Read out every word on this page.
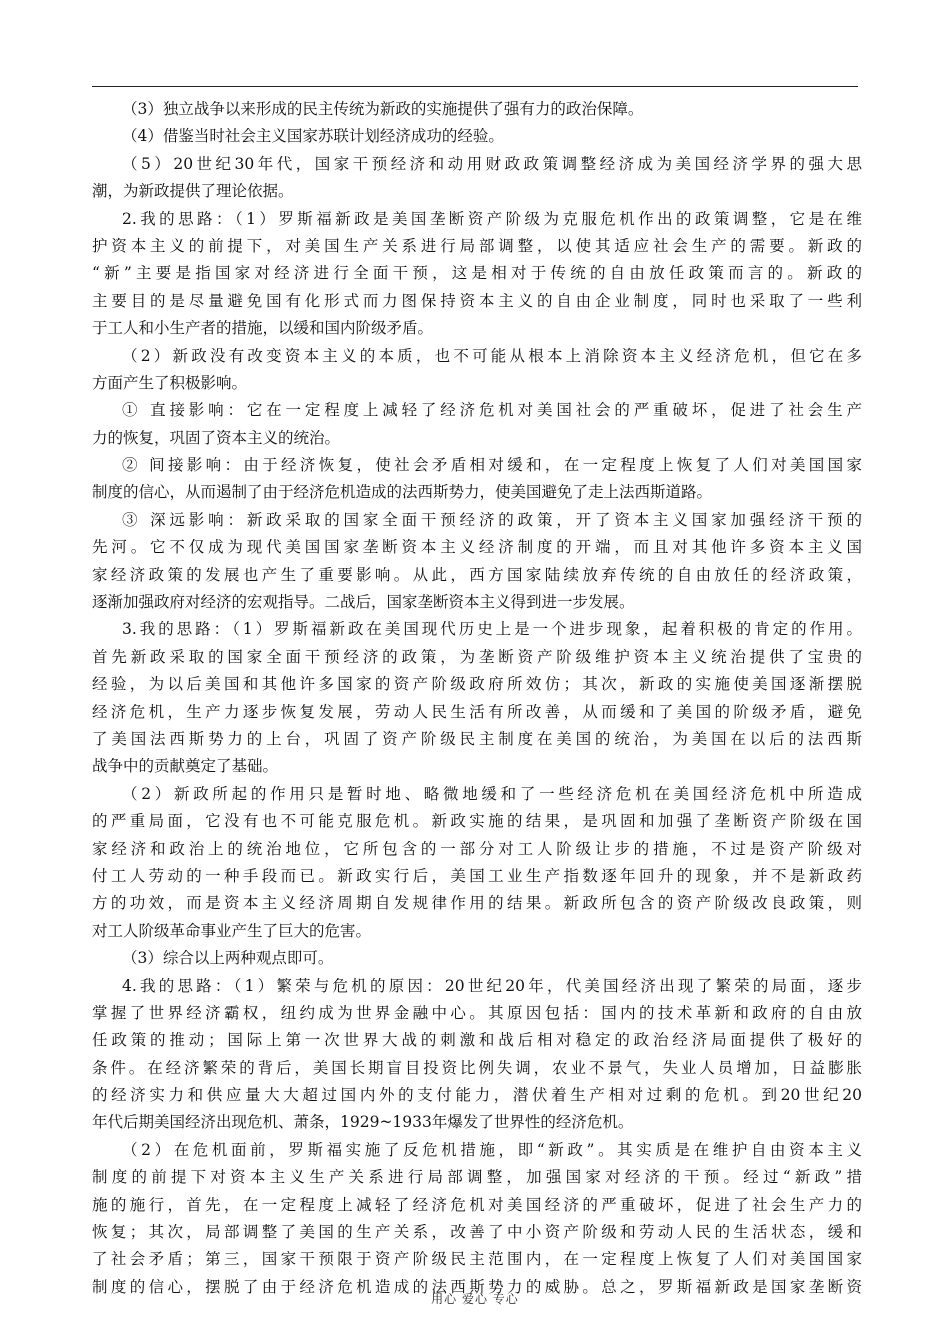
（3）独立战争以来形成的民主传统为新政的实施提供了强有力的政治保障。
（4）借鉴当时社会主义国家苏联计划经济成功的经验。
（5）20世纪30年代，国家干预经济和动用财政政策调整经济成为美国经济学界的强大思
潮，为新政提供了理论依据。
2.我的思路：（1）罗斯福新政是美国垄断资产阶级为克服危机作出的政策调整，它是在维
护资本主义的前提下，对美国生产关系进行局部调整，以使其适应社会生产的需要。新政的
“新”主要是指国家对经济进行全面干预，这是相对于传统的自由放任政策而言的。新政的
主要目的是尽量避免国有化形式而力图保持资本主义的自由企业制度，同时也采取了一些利
于工人和小生产者的措施，以缓和国内阶级矛盾。
（2）新政没有改变资本主义的本质，也不可能从根本上消除资本主义经济危机，但它在多
方面产生了积极影响。
① 直接影响：它在一定程度上减轻了经济危机对美国社会的严重破坏，促进了社会生产
力的恢复，巩固了资本主义的统治。
② 间接影响：由于经济恢复，使社会矛盾相对缓和，在一定程度上恢复了人们对美国国家
制度的信心，从而遏制了由于经济危机造成的法西斯势力，使美国避免了走上法西斯道路。
③ 深远影响：新政采取的国家全面干预经济的政策，开了资本主义国家加强经济干预的
先河。它不仅成为现代美国国家垄断资本主义经济制度的开端，而且对其他许多资本主义国
家经济政策的发展也产生了重要影响。从此，西方国家陆续放弃传统的自由放任的经济政策，
逐渐加强政府对经济的宏观指导。二战后，国家垄断资本主义得到进一步发展。
3.我的思路：（1）罗斯福新政在美国现代历史上是一个进步现象，起着积极的肯定的作用。
首先新政采取的国家全面干预经济的政策，为垄断资产阶级维护资本主义统治提供了宝贵的
经验，为以后美国和其他许多国家的资产阶级政府所效仿；其次，新政的实施使美国逐渐摆脱
经济危机，生产力逐步恢复发展，劳动人民生活有所改善，从而缓和了美国的阶级矛盾，避免
了美国法西斯势力的上台，巩固了资产阶级民主制度在美国的统治，为美国在以后的法西斯
战争中的贡献奠定了基础。
（2）新政所起的作用只是暂时地、略微地缓和了一些经济危机在美国经济危机中所造成
的严重局面，它没有也不可能克服危机。新政实施的结果，是巩固和加强了垄断资产阶级在国
家经济和政治上的统治地位，它所包含的一部分对工人阶级让步的措施，不过是资产阶级对
付工人劳动的一种手段而已。新政实行后，美国工业生产指数逐年回升的现象，并不是新政药
方的功效，而是资本主义经济周期自发规律作用的结果。新政所包含的资产阶级改良政策，则
对工人阶级革命事业产生了巨大的危害。
（3）综合以上两种观点即可。
4.我的思路：（1）繁荣与危机的原因：20世纪20年，代美国经济出现了繁荣的局面，逐步
掌握了世界经济霸权，纽约成为世界金融中心。其原因包括：国内的技术革新和政府的自由放
任政策的推动；国际上第一次世界大战的刺激和战后相对稳定的政治经济局面提供了极好的
条件。在经济繁荣的背后，美国长期盲目投资比例失调，农业不景气，失业人员增加，日益膨胀
的经济实力和供应量大大超过国内外的支付能力，潜伏着生产相对过剩的危机。到20世纪20
年代后期美国经济出现危机、萧条，1929~1933年爆发了世界性的经济危机。
（2）在危机面前，罗斯福实施了反危机措施，即“新政”。其实质是在维护自由资本主义
制度的前提下对资本主义生产关系进行局部调整，加强国家对经济的干预。经过“新政”措
施的施行，首先，在一定程度上减轻了经济危机对美国经济的严重破坏，促进了社会生产力的
恢复；其次，局部调整了美国的生产关系，改善了中小资产阶级和劳动人民的生活状态，缓和
了社会矛盾；第三，国家干预限于资产阶级民主范围内，在一定程度上恢复了人们对美国国家
制度的信心，摆脱了由于经济危机造成的法西斯势力的威胁。总之，罗斯福新政是国家垄断资
用心 爱心 专心
